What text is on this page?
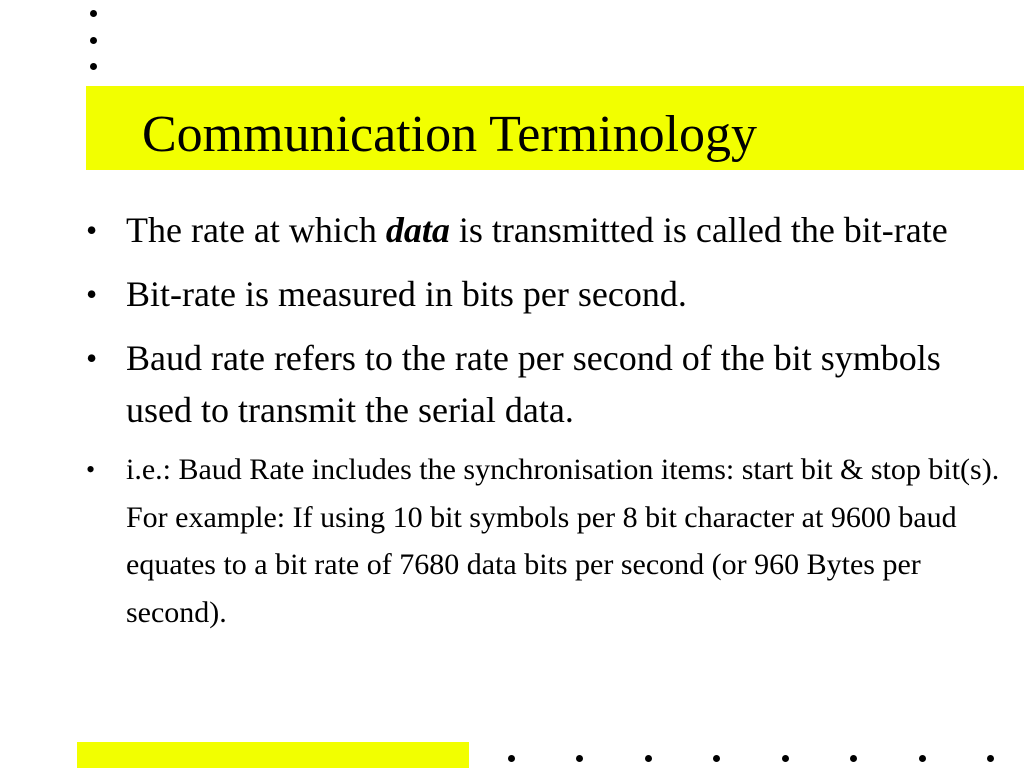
Communication Terminology
• The rate at which data is transmitted is called the bit-rate
• Bit-rate is measured in bits per second.
• Baud rate refers to the rate per second of the bit symbols used to transmit the serial data.
• i.e.: Baud Rate includes the synchronisation items: start bit & stop bit(s). For example: If using 10 bit symbols per 8 bit character at 9600 baud equates to a bit rate of 7680 data bits per second (or 960 Bytes per second).
